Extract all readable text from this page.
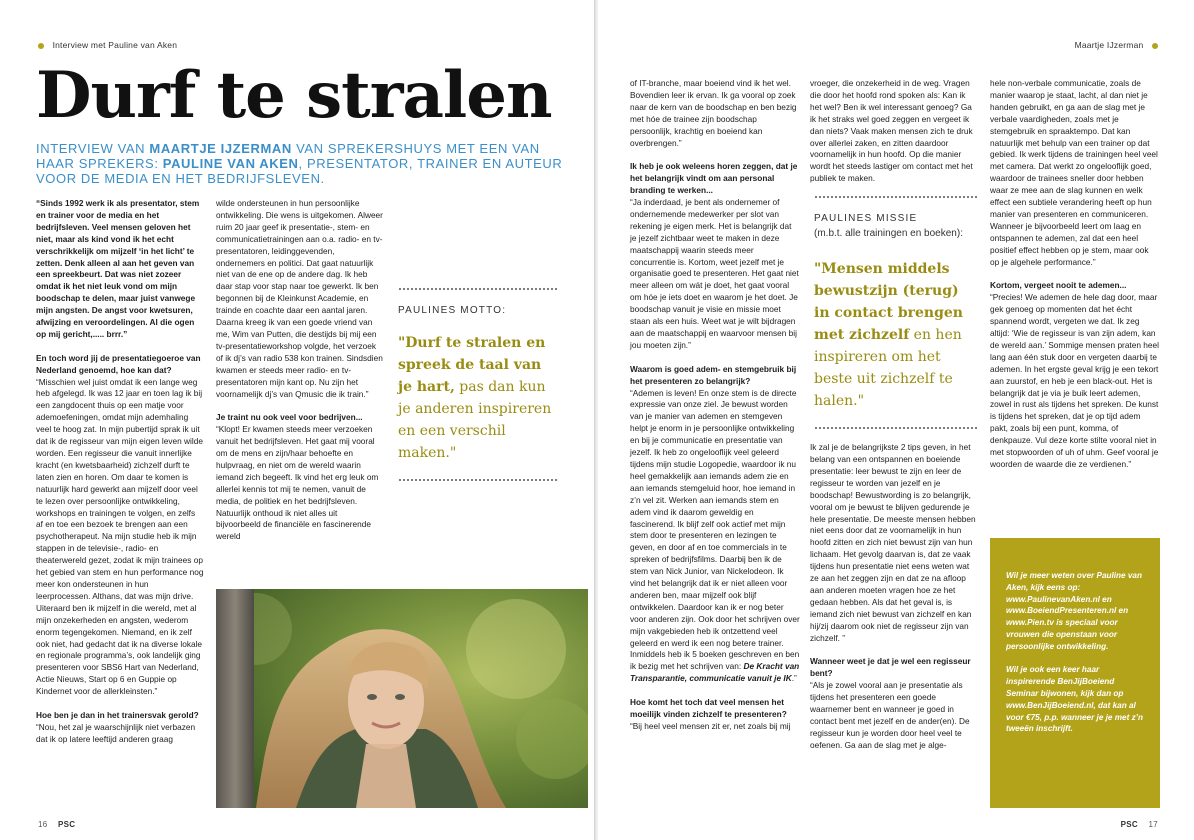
Interview met Pauline van Aken
Durf te stralen
INTERVIEW VAN MAARTJE IJZERMAN VAN SPREKERSHUYS MET EEN VAN HAAR SPREKERS: PAULINE VAN AKEN, PRESENTATOR, TRAINER EN AUTEUR VOOR DE MEDIA EN HET BEDRIJFSLEVEN.

“Sinds 1992 werk ik als presentator, stem en trainer voor de media en het bedrijfsleven. Veel mensen geloven het niet, maar als kind vond ik het echt verschrikkelijk om mijzelf ‘in het licht’ te zetten. Denk alleen al aan het geven van een spreekbeurt. Dat was niet zozeer omdat ik het niet leuk vond om mijn boodschap te delen, maar juist vanwege mijn angsten. De angst voor kwetsuren, afwijzing en veroordelingen. Al die ogen op mij gericht,..... brrr.”

En toch word jij de presentatiegoeroe van Nederland genoemd, hoe kan dat?

“Misschien wel juist omdat ik een lange weg heb afgelegd. Ik was 12 jaar en toen lag ik bij een zangdocent thuis op een matje voor ademoefeningen, omdat mijn ademhaling veel te hoog zat. In mijn pubertijd sprak ik uit dat ik de regisseur van mijn eigen leven wilde worden. Een regisseur die vanuit innerlijke kracht (en kwetsbaarheid) zichzelf durft te laten zien en horen. Om daar te komen is natuurlijk hard gewerkt aan mijzelf door veel te lezen over persoonlijke ontwikkeling, workshops en trainingen te volgen, en zelfs af en toe een bezoek te brengen aan een psychotherapeut. Na mijn studie heb ik mijn stappen in de televisie-, radio- en theaterwereld gezet, zodat ik mijn trainees op het gebied van stem en hun performance nog meer kon ondersteunen in hun leerprocessen. Althans, dat was mijn drive. Uiteraard ben ik mijzelf in die wereld, met al mijn onzekerheden en angsten, wederom enorm tegengekomen. Niemand, en ik zelf ook niet, had gedacht dat ik na diverse lokale en regionale programma’s, ook landelijk ging presenteren voor SBS6 Hart van Nederland, Actie Nieuws, Start op 6 en Guppie op Kindernet voor de allerkleinsten.”

Hoe ben je dan in het trainersvak gerold?

“Nou, het zal je waarschijnlijk niet verbazen dat ik op latere leeftijd anderen graag

wilde ondersteunen in hun persoonlijke ontwikkeling. Die wens is uitgekomen. Alweer ruim 20 jaar geef ik presentatie-, stem- en communicatietrainingen aan o.a. radio- en tv- presentatoren, leidinggevenden, ondernemers en politici. Dat gaat natuurlijk niet van de ene op de andere dag. Ik heb daar stap voor stap naar toe gewerkt. Ik ben begonnen bij de Kleinkunst Academie, en trainde en coachte daar een aantal jaren. Daarna kreeg ik van een goede vriend van me, Wim van Putten, die destijds bij mij een tv-presentatieworkshop volgde, het verzoek of ik dj’s van radio 538 kon trainen. Sindsdien kwamen er steeds meer radio- en tv-presentatoren mijn kant op. Nu zijn het voornamelijk dj’s van Qmusic die ik train.”

Je traint nu ook veel voor bedrijven...

“Klopt! Er kwamen steeds meer verzoeken vanuit het bedrijfsleven. Het gaat mij vooral om de mens en zijn/haar behoefte en hulpvraag, en niet om de wereld waarin iemand zich begeeft. Ik vind het erg leuk om allerlei kennis tot mij te nemen, vanuit de media, de politiek en het bedrijfsleven. Natuurlijk onthoud ik niet alles uit bijvoorbeeld de financiële en fascinerende wereld

PAULINES MOTTO:
"Durf te stralen en spreek de taal van je hart, pas dan kun je anderen inspireren en een verschil maken."
16 PSC
Maartje IJzerman

of IT-branche, maar boeiend vind ik het wel. Bovendien leer ik ervan. Ik ga vooral op zoek naar de kern van de boodschap en ben bezig met hóe de trainee zijn boodschap persoonlijk, krachtig en boeiend kan overbrengen.”

Ik heb je ook weleens horen zeggen, dat je het belangrijk vindt om aan personal branding te werken...

“Ja inderdaad, je bent als ondernemer of ondernemende medewerker per slot van rekening je eigen merk. Het is belangrijk dat je jezelf zichtbaar weet te maken in deze maatschappij waarin steeds meer concurrentie is. Kortom, weet jezelf met je organisatie goed te presenteren. Het gaat niet meer alleen om wát je doet, het gaat vooral om hóe je iets doet en waarom je het doet. Je boodschap vanuit je visie en missie moet staan als een huis. Weet wat je wilt bijdragen aan de maatschappij en waarvoor mensen bij jou moeten zijn.”

Waarom is goed adem- en stemgebruik bij het presenteren zo belangrijk?

“Ademen is leven! En onze stem is de directe expressie van onze ziel. Je bewust worden van je manier van ademen en stemgeven helpt je enorm in je persoonlijke ontwikkeling en bij je communicatie en presentatie van jezelf. Ik heb zo ongelooflijk veel geleerd tijdens mijn studie Logopedie, waardoor ik nu heel gemakkelijk aan iemands adem zie en aan iemands stemgeluid hoor, hoe iemand in z’n vel zit. Werken aan iemands stem en adem vind ik daarom geweldig en fascinerend. Ik blijf zelf ook actief met mijn stem door te presenteren en lezingen te geven, en door af en toe commercials in te spreken of bedrijfsfilms. Daarbij ben ik de stem van Nick Junior, van Nickelodeon. Ik vind het belangrijk dat ik er niet alleen voor anderen ben, maar mijzelf ook blijf ontwikkelen. Daardoor kan ik er nog beter voor anderen zijn. Ook door het schrijven over mijn vakgebieden heb ik ontzettend veel geleerd en werd ik een nog betere trainer. Inmiddels heb ik 5 boeken geschreven en ben ik bezig met het schrijven van: De Kracht van Transparantie, communicatie vanuit je IK.”

Hoe komt het toch dat veel mensen het moeilijk vinden zichzelf te presenteren?

“Bij heel veel mensen zit er, net zoals bij mij

vroeger, die onzekerheid in de weg. Vragen die door het hoofd rond spoken als: Kan ik het wel? Ben ik wel interessant genoeg? Ga ik het straks wel goed zeggen en vergeet ik dan niets? Vaak maken mensen zich te druk over allerlei zaken, en zitten daardoor voornamelijk in hun hoofd. Op die manier wordt het steeds lastiger om contact met het publiek te maken.

PAULINES MISSIE
(m.b.t. alle trainingen en boeken):
"Mensen middels bewustzijn (terug) in contact brengen met zichzelf en hen inspireren om het beste uit zichzelf te halen."

Ik zal je de belangrijkste 2 tips geven, in het belang van een ontspannen en boeiende presentatie: leer bewust te zijn en leer de regisseur te worden van jezelf en je boodschap! Bewustwording is zo belangrijk, vooral om je bewust te blijven gedurende je hele presentatie. De meeste mensen hebben niet eens door dat ze voornamelijk in hun hoofd zitten en zich niet bewust zijn van hun lichaam. Het gevolg daarvan is, dat ze vaak tijdens hun presentatie niet eens weten wat ze aan het zeggen zijn en dat ze na afloop aan anderen moeten vragen hoe ze het gedaan hebben. Als dat het geval is, is iemand zich niet bewust van zichzelf en kan hij/zij daarom ook niet de regisseur zijn van zichzelf. ”

Wanneer weet je dat je wel een regisseur bent?

“Als je zowel vooral aan je presentatie als tijdens het presenteren een goede waarnemer bent en wanneer je goed in contact bent met jezelf en de ander(en). De regisseur kun je worden door heel veel te oefenen. Ga aan de slag met je alge-

hele non-verbale communicatie, zoals de manier waarop je staat, lacht, al dan niet je handen gebruikt, en ga aan de slag met je verbale vaardigheden, zoals met je stemgebruik en spraaktempo. Dat kan natuurlijk met behulp van een trainer op dat gebied. Ik werk tijdens de trainingen heel veel met camera. Dat werkt zo ongelooflijk goed, waardoor de trainees sneller door hebben waar ze mee aan de slag kunnen en welk effect een subtiele verandering heeft op hun manier van presenteren en communiceren. Wanneer je bijvoorbeeld leert om laag en ontspannen te ademen, zal dat een heel positief effect hebben op je stem, maar ook op je algehele performance.”

Kortom, vergeet nooit te ademen...

“Precies! We ademen de hele dag door, maar gek genoeg op momenten dat het écht spannend wordt, vergeten we dat. Ik zeg altijd: ‘Wie de regisseur is van zijn adem, kan de wereld aan.’ Sommige mensen praten heel lang aan één stuk door en vergeten daarbij te ademen. In het ergste geval krijg je een tekort aan zuurstof, en heb je een black-out. Het is belangrijk dat je via je buik leert ademen, zowel in rust als tijdens het spreken. De kunst is tijdens het spreken, dat je op tijd adem pakt, zoals bij een punt, komma, of denkpauze. Vul deze korte stilte vooral niet in met stopwoorden of uh of uhm. Geef vooral je woorden de waarde die ze verdienen.”

Wil je meer weten over Pauline van Aken, kijk eens op:

www.PaulinevanAken.nl en

www.BoeiendPresenteren.nl en

www.Pien.tv is speciaal voor vrouwen die openstaan voor persoonlijke ontwikkeling.

Wil je ook een keer haar inspirerende BenJijBoeiend Seminar bijwonen, kijk dan op www.BenJijBoeiend.nl, dat kan al voor €75, p.p. wanneer je je met z’n tweeën inschrijft.

PSC 17
